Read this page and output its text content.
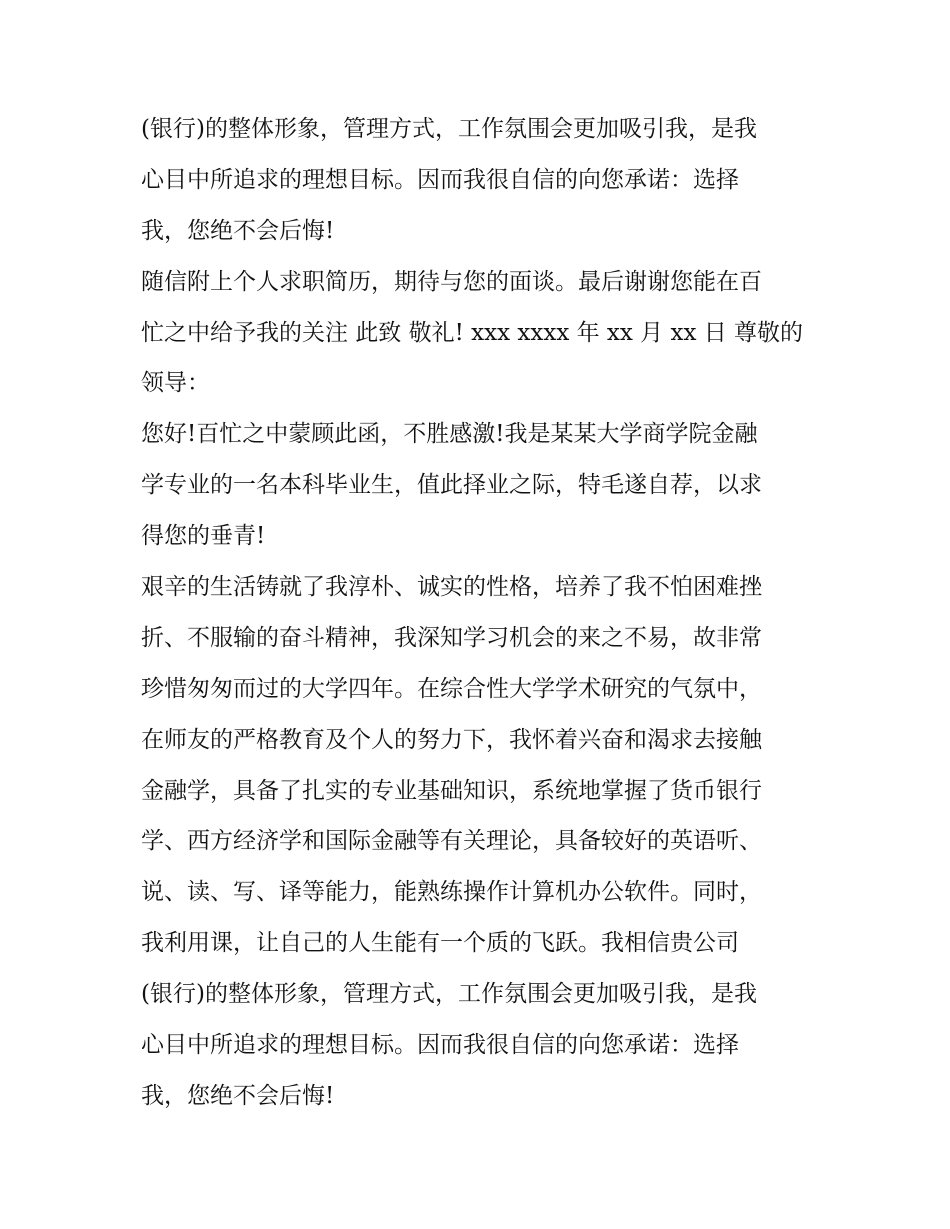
(银行)的整体形象，管理方式，工作氛围会更加吸引我，是我
心目中所追求的理想目标。因而我很自信的向您承诺：选择
我，您绝不会后悔!
随信附上个人求职简历，期待与您的面谈。最后谢谢您能在百
忙之中给予我的关注 此致 敬礼! xxx xxxx 年 xx 月 xx 日 尊敬的
领导：
您好!百忙之中蒙顾此函，不胜感激!我是某某大学商学院金融
学专业的一名本科毕业生，值此择业之际，特毛遂自荐，以求
得您的垂青!
艰辛的生活铸就了我淳朴、诚实的性格，培养了我不怕困难挫
折、不服输的奋斗精神，我深知学习机会的来之不易，故非常
珍惜匆匆而过的大学四年。在综合性大学学术研究的气氛中，
在师友的严格教育及个人的努力下，我怀着兴奋和渴求去接触
金融学，具备了扎实的专业基础知识，系统地掌握了货币银行
学、西方经济学和国际金融等有关理论，具备较好的英语听、
说、读、写、译等能力，能熟练操作计算机办公软件。同时，
我利用课，让自己的人生能有一个质的飞跃。我相信贵公司
(银行)的整体形象，管理方式，工作氛围会更加吸引我，是我
心目中所追求的理想目标。因而我很自信的向您承诺：选择
我，您绝不会后悔!
